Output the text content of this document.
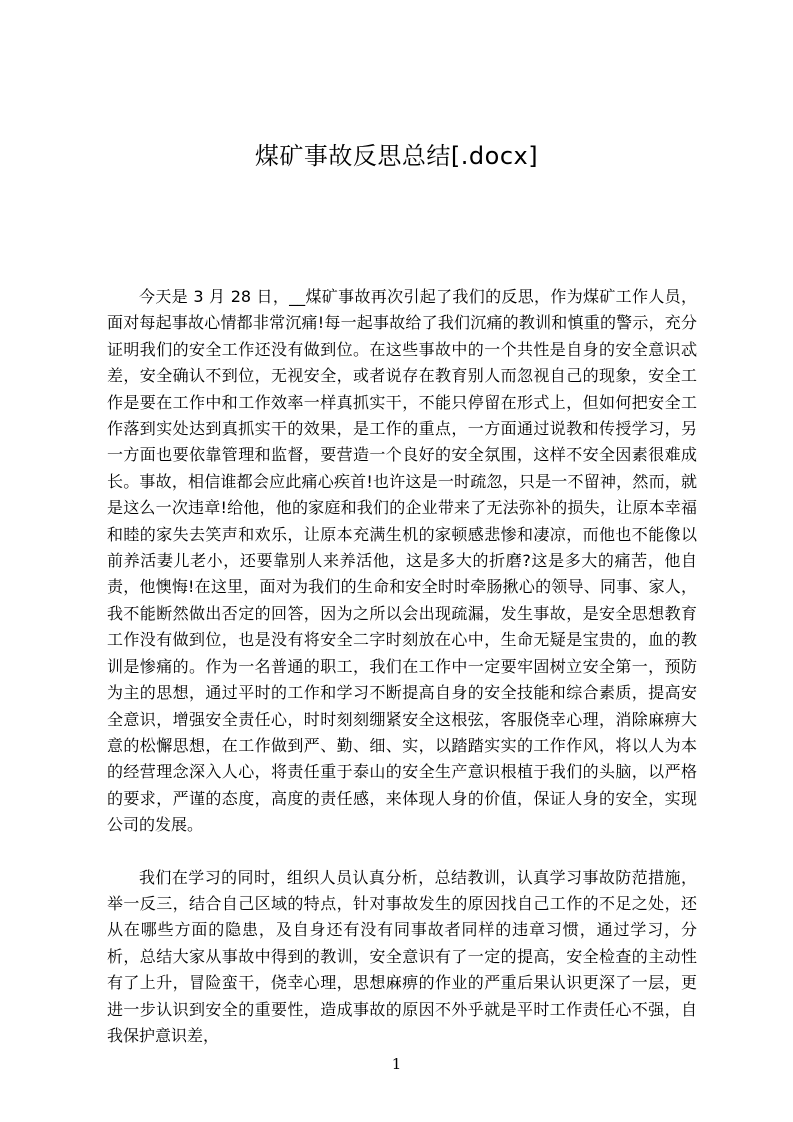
煤矿事故反思总结[.docx]

今天是 3 月 28 日，__煤矿事故再次引起了我们的反思，作为煤矿工作人员，面对每起事故心情都非常沉痛!每一起事故给了我们沉痛的教训和慎重的警示，充分证明我们的安全工作还没有做到位。在这些事故中的一个共性是自身的安全意识忒差，安全确认不到位，无视安全，或者说存在教育别人而忽视自己的现象，安全工作是要在工作中和工作效率一样真抓实干，不能只停留在形式上，但如何把安全工作落到实处达到真抓实干的效果，是工作的重点，一方面通过说教和传授学习，另一方面也要依靠管理和监督，要营造一个良好的安全氛围，这样不安全因素很难成长。事故，相信谁都会应此痛心疾首!也许这是一时疏忽，只是一不留神，然而，就是这么一次违章!给他，他的家庭和我们的企业带来了无法弥补的损失，让原本幸福和睦的家失去笑声和欢乐，让原本充满生机的家顿感悲惨和凄凉，而他也不能像以前养活妻儿老小，还要靠别人来养活他，这是多大的折磨?这是多大的痛苦，他自责，他懊悔!在这里，面对为我们的生命和安全时时牵肠揪心的领导、同事、家人，我不能断然做出否定的回答，因为之所以会出现疏漏，发生事故，是安全思想教育工作没有做到位，也是没有将安全二字时刻放在心中，生命无疑是宝贵的，血的教训是惨痛的。作为一名普通的职工，我们在工作中一定要牢固树立安全第一，预防为主的思想，通过平时的工作和学习不断提高自身的安全技能和综合素质，提高安全意识，增强安全责任心，时时刻刻绷紧安全这根弦，客服侥幸心理，消除麻痹大意的松懈思想，在工作做到严、勤、细、实，以踏踏实实的工作作风，将以人为本的经营理念深入人心，将责任重于泰山的安全生产意识根植于我们的头脑，以严格的要求，严谨的态度，高度的责任感，来体现人身的价值，保证人身的安全，实现公司的发展。

我们在学习的同时，组织人员认真分析，总结教训，认真学习事故防范措施，举一反三，结合自己区域的特点，针对事故发生的原因找自己工作的不足之处，还从在哪些方面的隐患，及自身还有没有同事故者同样的违章习惯，通过学习，分析，总结大家从事故中得到的教训，安全意识有了一定的提高，安全检查的主动性有了上升，冒险蛮干，侥幸心理，思想麻痹的作业的严重后果认识更深了一层，更进一步认识到安全的重要性，造成事故的原因不外乎就是平时工作责任心不强，自我保护意识差，

1
